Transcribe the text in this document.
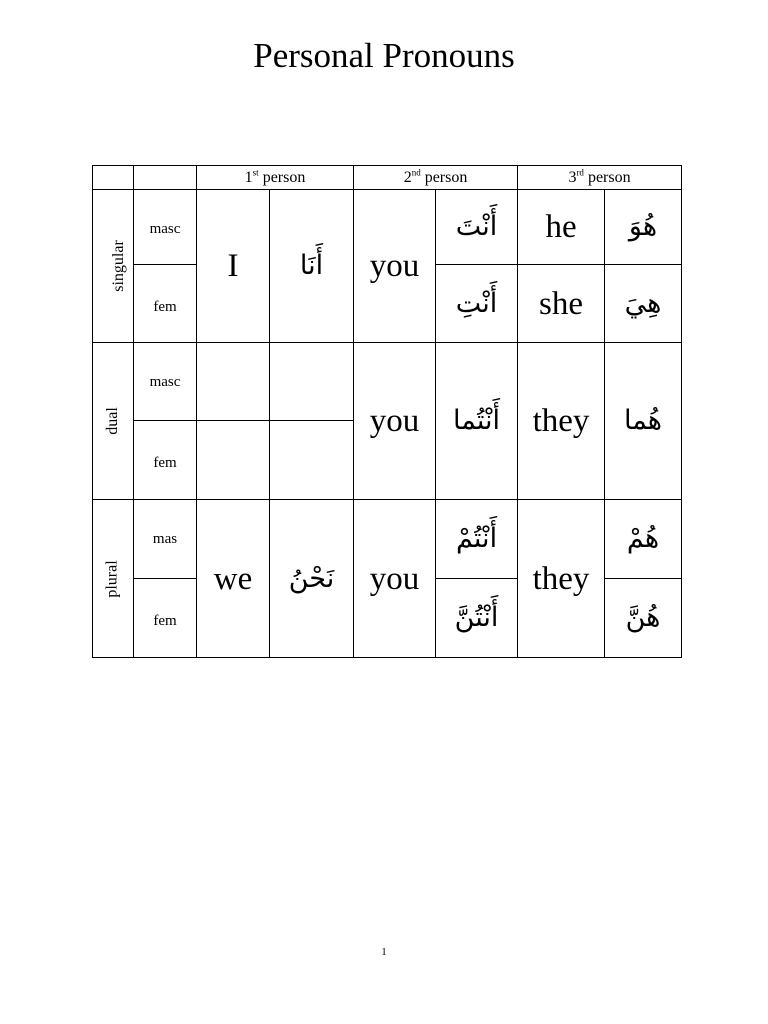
Personal Pronouns
		1st person		2nd person		3rd person	
singular	masc	I	أَنَا	you	أَنْتَ	he	هُوَ
	fem				أَنْتِ	she	هِيَ
dual	masc			you	أَنْتُما	they	هُما
	fem						
plural	mas	we	نَحْنُ	you	أَنْتُمْ	they	هُمْ
	fem				أَنْتُنَّ		هُنَّ
1
